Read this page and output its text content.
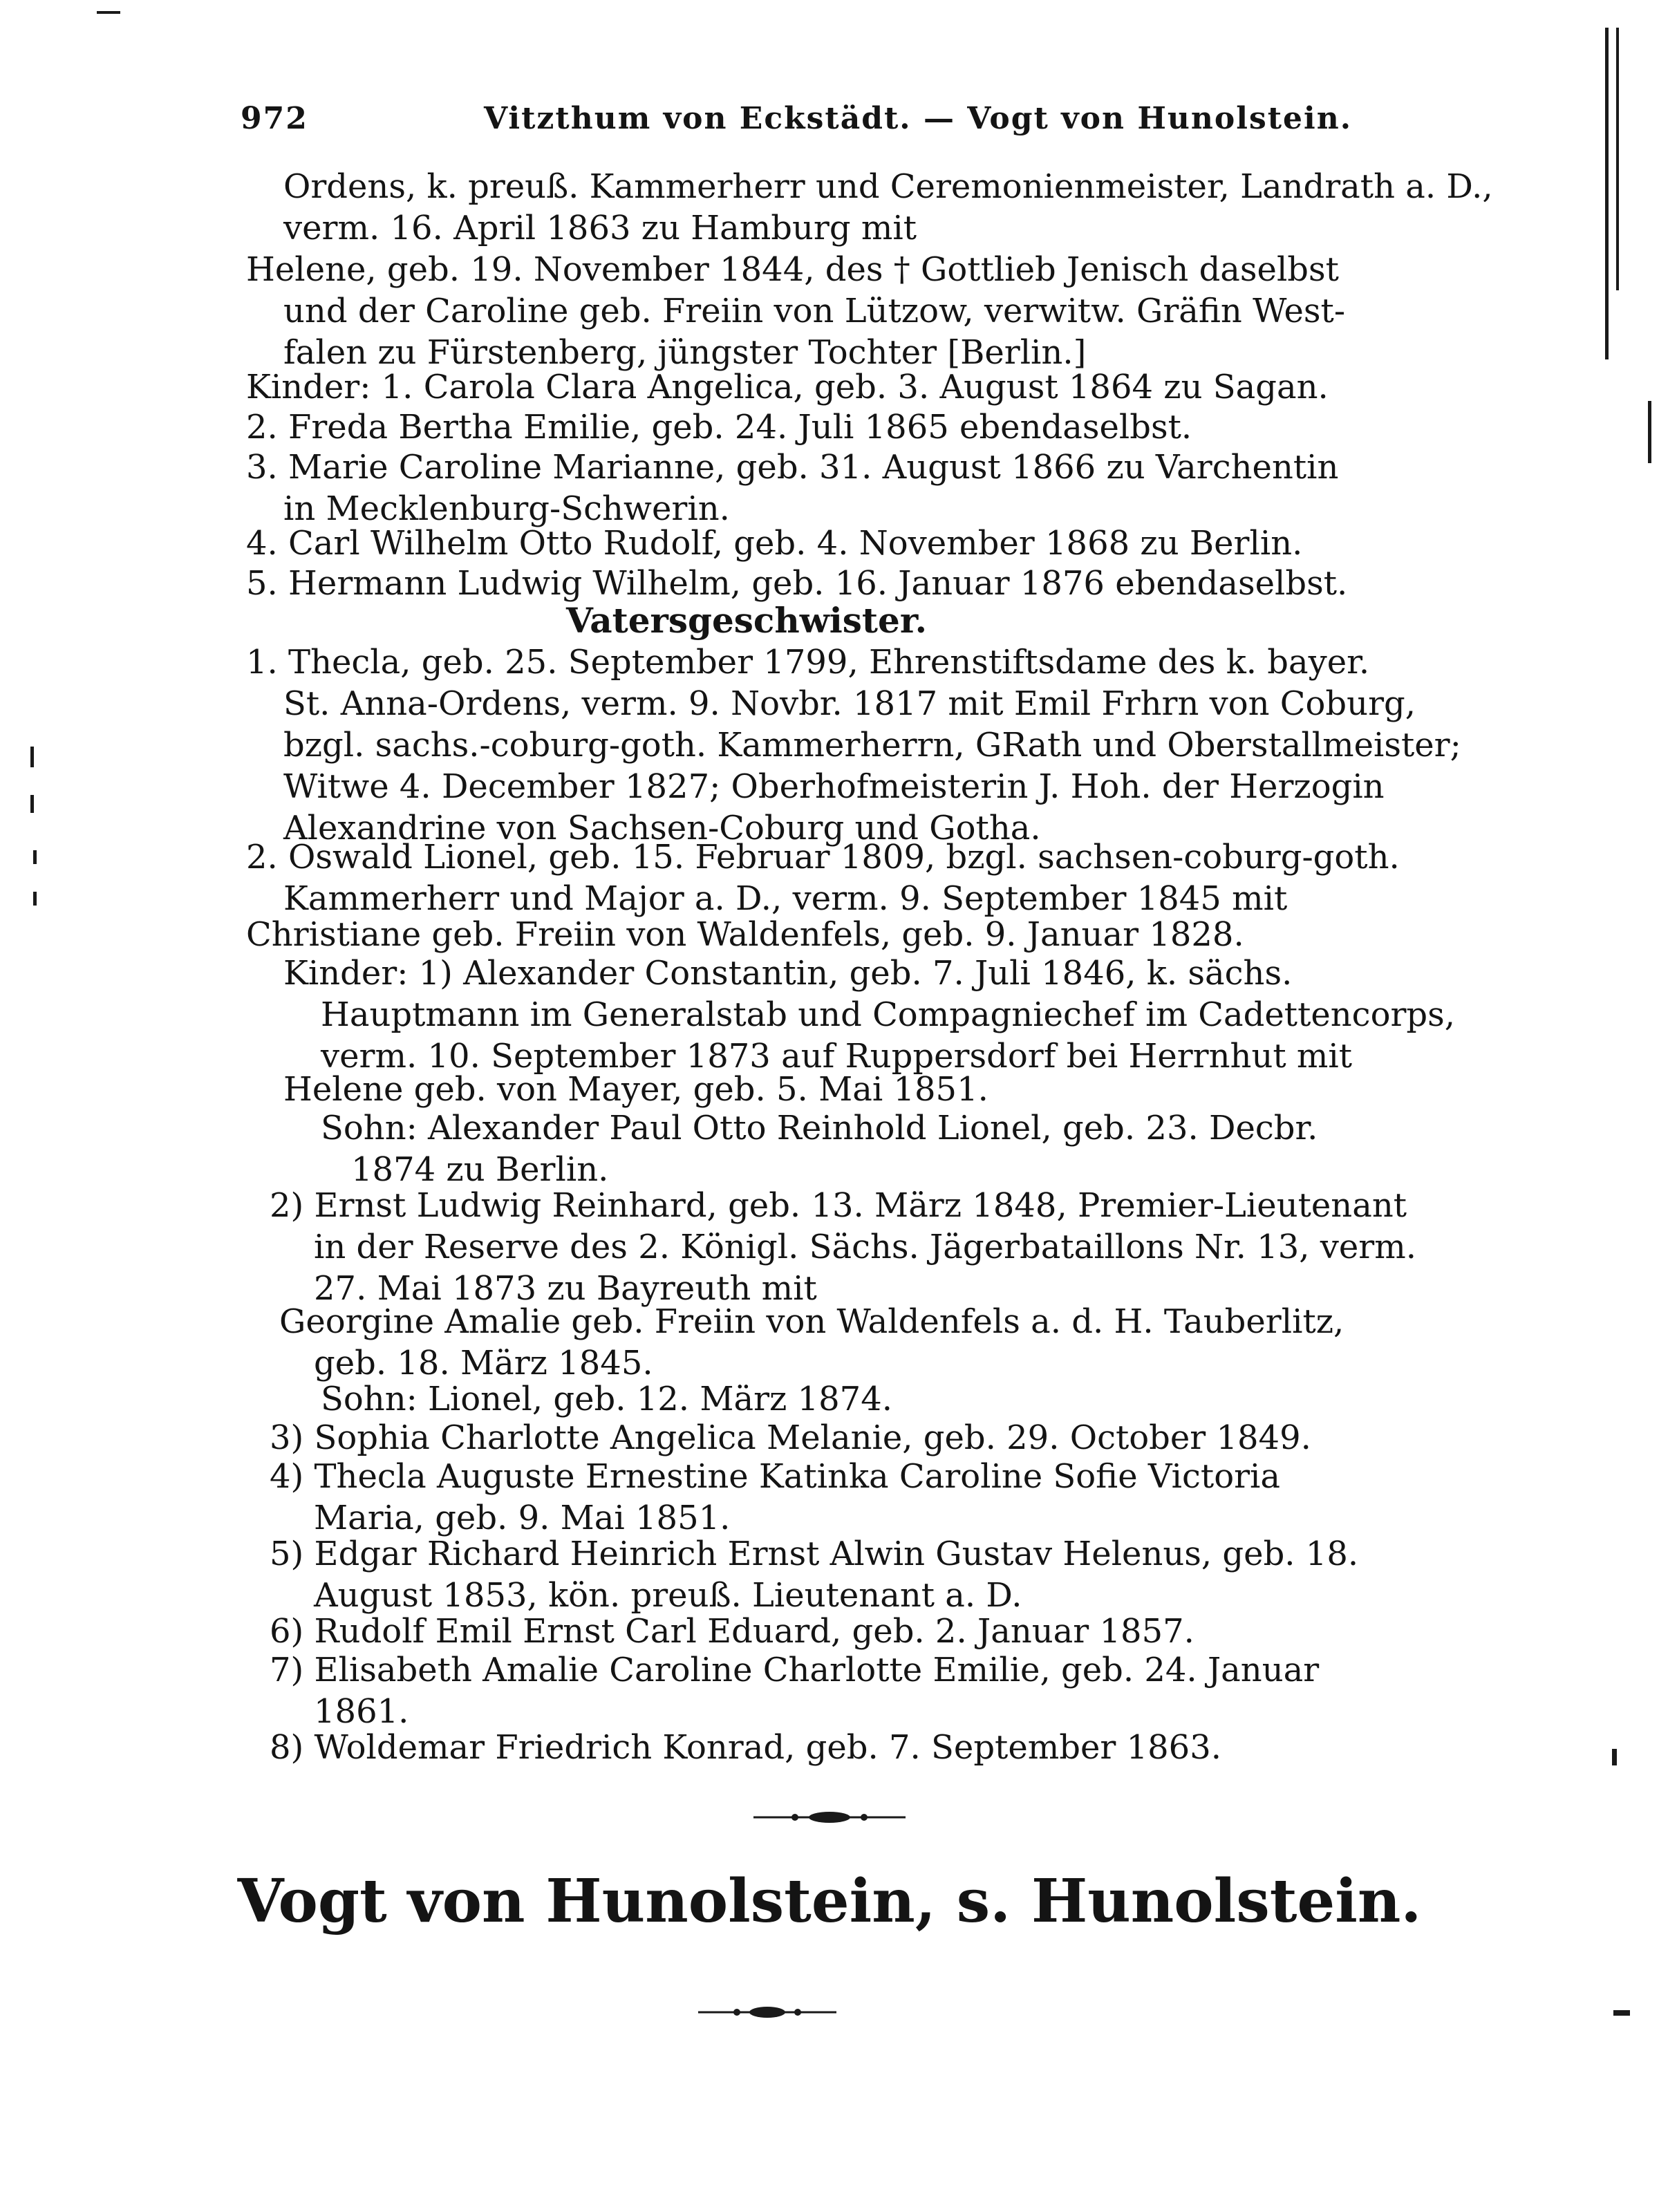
972	Vitzthum von Eckstädt. — Vogt von Hunolstein.
Ordens, k. preuß. Kammerherr und Ceremonienmeister, Landrath a. D.,
verm. 16. April 1863 zu Hamburg mit
Helene, geb. 19. November 1844, des † Gottlieb Jenisch daselbst
und der Caroline geb. Freiin von Lützow, verwitw. Gräfin West-
falen zu Fürstenberg, jüngster Tochter [Berlin.]
Kinder: 1. Carola Clara Angelica, geb. 3. August 1864 zu Sagan.
2. Freda Bertha Emilie, geb. 24. Juli 1865 ebendaselbst.
3. Marie Caroline Marianne, geb. 31. August 1866 zu Varchentin
in Mecklenburg-Schwerin.
4. Carl Wilhelm Otto Rudolf, geb. 4. November 1868 zu Berlin.
5. Hermann Ludwig Wilhelm, geb. 16. Januar 1876 ebendaselbst.
Vatersgeschwister.
1. Thecla, geb. 25. September 1799, Ehrenstiftsdame des k. bayer.
St. Anna-Ordens, verm. 9. Novbr. 1817 mit Emil Frhrn von Coburg,
bzgl. sachs.-coburg-goth. Kammerherrn, GRath und Oberstallmeister;
Witwe 4. December 1827; Oberhofmeisterin J. Hoh. der Herzogin
Alexandrine von Sachsen-Coburg und Gotha.
2. Oswald Lionel, geb. 15. Februar 1809, bzgl. sachsen-coburg-goth.
Kammerherr und Major a. D., verm. 9. September 1845 mit
Christiane geb. Freiin von Waldenfels, geb. 9. Januar 1828.
Kinder: 1) Alexander Constantin, geb. 7. Juli 1846, k. sächs.
Hauptmann im Generalstab und Compagniechef im Cadettencorps,
verm. 10. September 1873 auf Ruppersdorf bei Herrnhut mit
Helene geb. von Mayer, geb. 5. Mai 1851.
Sohn: Alexander Paul Otto Reinhold Lionel, geb. 23. Decbr.
1874 zu Berlin.
2) Ernst Ludwig Reinhard, geb. 13. März 1848, Premier-Lieutenant
in der Reserve des 2. Königl. Sächs. Jägerbataillons Nr. 13, verm.
27. Mai 1873 zu Bayreuth mit
Georgine Amalie geb. Freiin von Waldenfels a. d. H. Tauberlitz,
geb. 18. März 1845.
Sohn: Lionel, geb. 12. März 1874.
3) Sophia Charlotte Angelica Melanie, geb. 29. October 1849.
4) Thecla Auguste Ernestine Katinka Caroline Sofie Victoria
Maria, geb. 9. Mai 1851.
5) Edgar Richard Heinrich Ernst Alwin Gustav Helenus, geb. 18.
August 1853, kön. preuß. Lieutenant a. D.
6) Rudolf Emil Ernst Carl Eduard, geb. 2. Januar 1857.
7) Elisabeth Amalie Caroline Charlotte Emilie, geb. 24. Januar
1861.
8) Woldemar Friedrich Konrad, geb. 7. September 1863.
Vogt von Hunolstein, s. Hunolstein.
